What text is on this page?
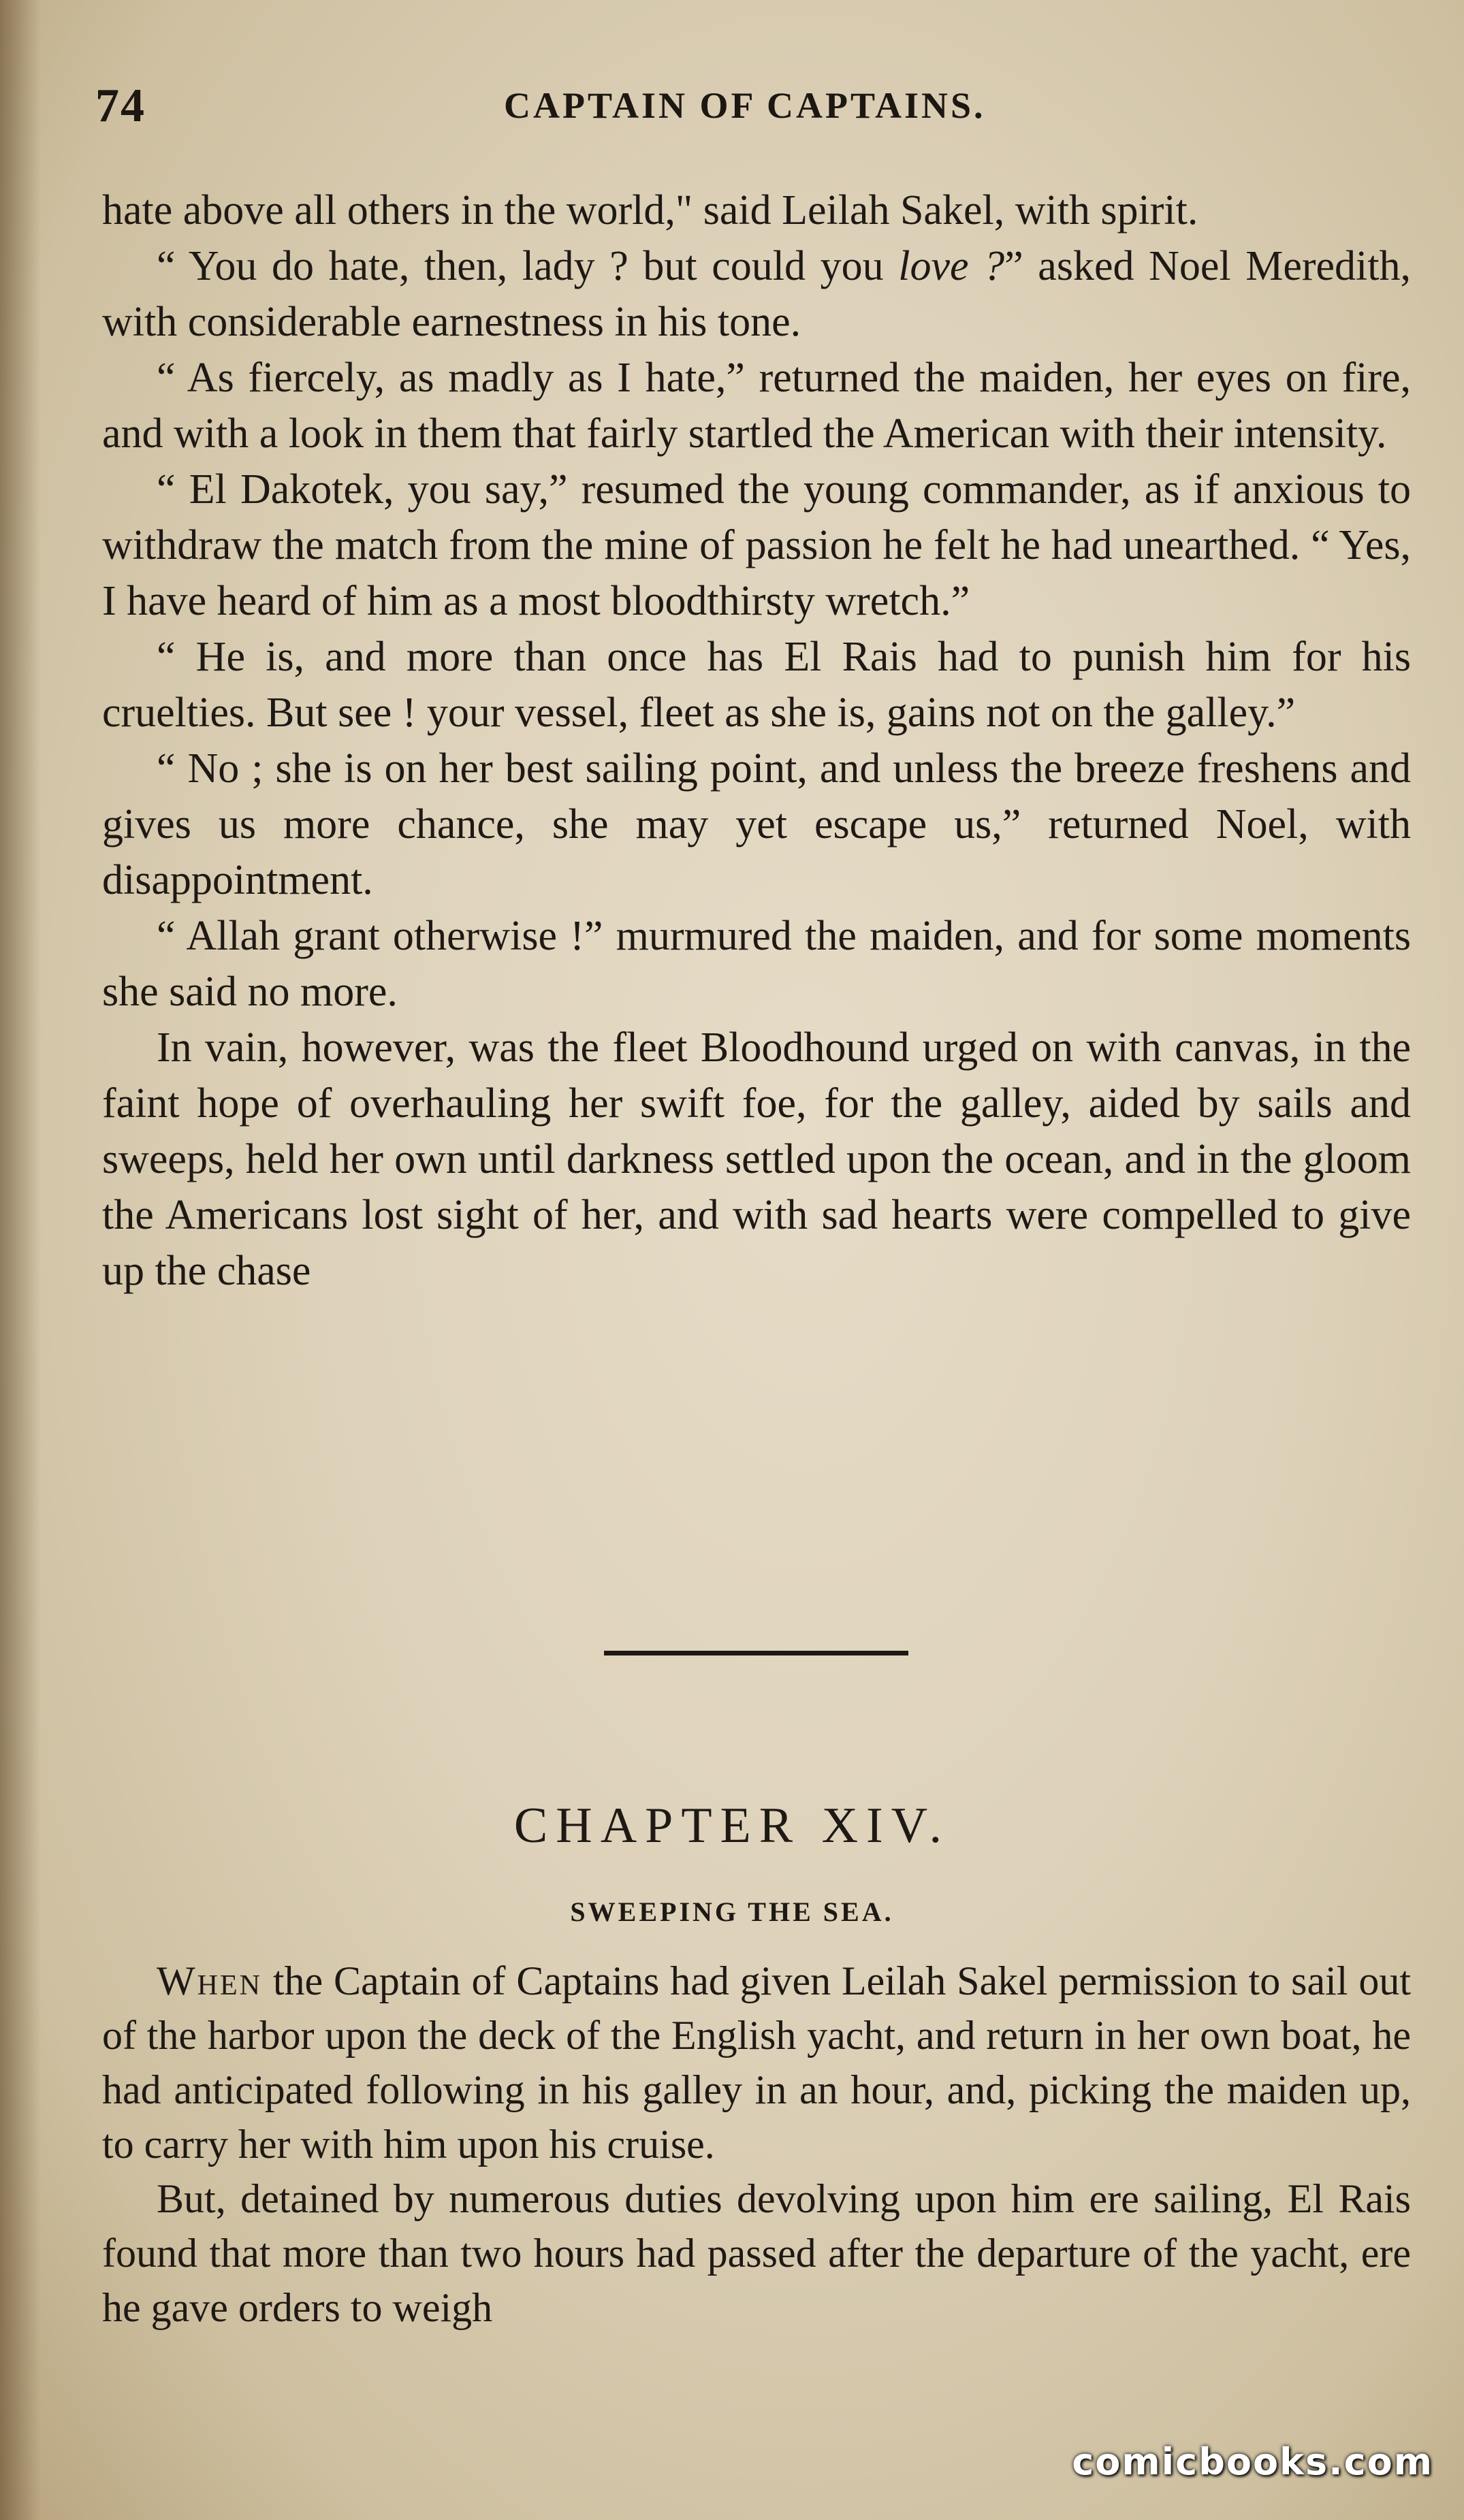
74	CAPTAIN OF CAPTAINS.

hate above all others in the world," said Leilah Sakel, with spirit.

“ You do hate, then, lady ? but could you love ?” asked Noel Meredith, with considerable earnestness in his tone.

“ As fiercely, as madly as I hate,” returned the maiden, her eyes on fire, and with a look in them that fairly startled the American with their intensity.

“ El Dakotek, you say,” resumed the young commander, as if anxious to withdraw the match from the mine of passion he felt he had unearthed. “ Yes, I have heard of him as a most bloodthirsty wretch.”

“ He is, and more than once has El Rais had to punish him for his cruelties. But see ! your vessel, fleet as she is, gains not on the galley.”

“ No ; she is on her best sailing point, and unless the breeze freshens and gives us more chance, she may yet escape us,” returned Noel, with disappointment.

“ Allah grant otherwise !” murmured the maiden, and for some moments she said no more.

In vain, however, was the fleet Bloodhound urged on with canvas, in the faint hope of overhauling her swift foe, for the galley, aided by sails and sweeps, held her own until darkness settled upon the ocean, and in the gloom the Americans lost sight of her, and with sad hearts were compelled to give up the chase

CHAPTER XIV.
SWEEPING THE SEA.

When the Captain of Captains had given Leilah Sakel permission to sail out of the harbor upon the deck of the English yacht, and return in her own boat, he had anticipated following in his galley in an hour, and, picking the maiden up, to carry her with him upon his cruise.

But, detained by numerous duties devolving upon him ere sailing, El Rais found that more than two hours had passed after the departure of the yacht, ere he gave orders to weigh

comicbooks.com
